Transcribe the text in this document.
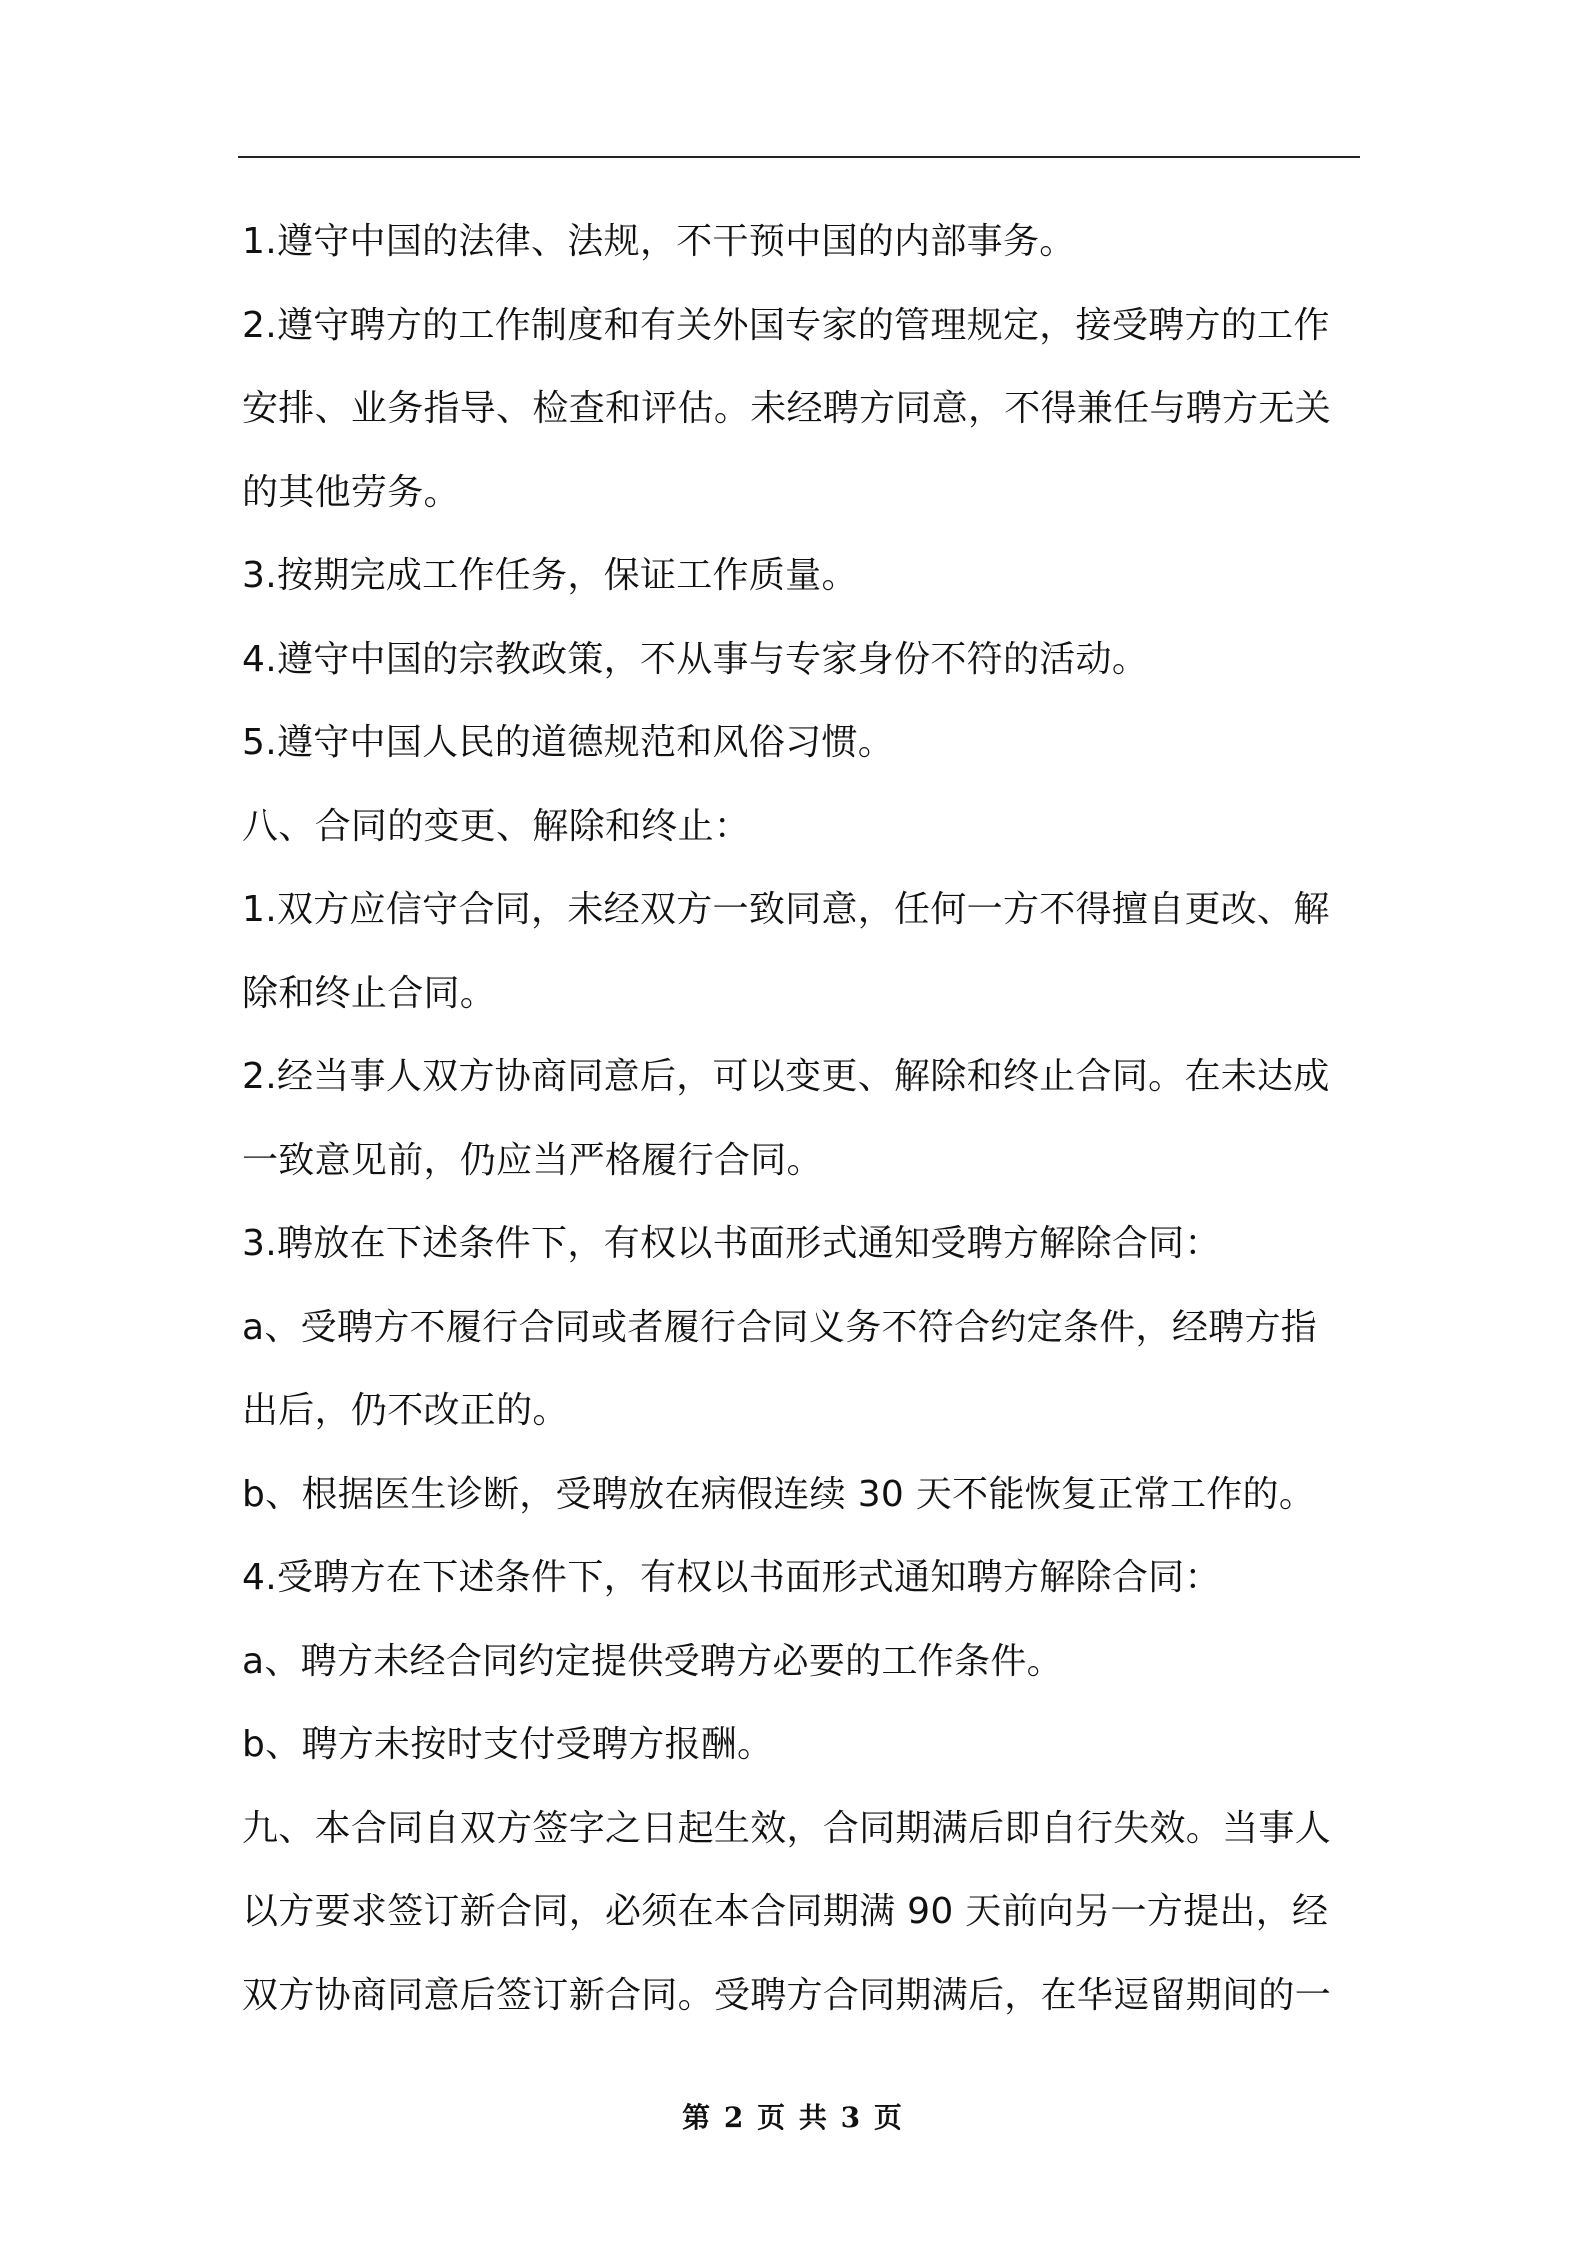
1.遵守中国的法律、法规，不干预中国的内部事务。

2.遵守聘方的工作制度和有关外国专家的管理规定，接受聘方的工作

安排、业务指导、检查和评估。未经聘方同意，不得兼任与聘方无关

的其他劳务。

3.按期完成工作任务，保证工作质量。

4.遵守中国的宗教政策，不从事与专家身份不符的活动。

5.遵守中国人民的道德规范和风俗习惯。

八、合同的变更、解除和终止：

1.双方应信守合同，未经双方一致同意，任何一方不得擅自更改、解

除和终止合同。

2.经当事人双方协商同意后，可以变更、解除和终止合同。在未达成

一致意见前，仍应当严格履行合同。

3.聘放在下述条件下，有权以书面形式通知受聘方解除合同：

a、受聘方不履行合同或者履行合同义务不符合约定条件，经聘方指

出后，仍不改正的。

b、根据医生诊断，受聘放在病假连续 30 天不能恢复正常工作的。

4.受聘方在下述条件下，有权以书面形式通知聘方解除合同：

a、聘方未经合同约定提供受聘方必要的工作条件。

b、聘方未按时支付受聘方报酬。

九、本合同自双方签字之日起生效，合同期满后即自行失效。当事人

以方要求签订新合同，必须在本合同期满 90 天前向另一方提出，经

双方协商同意后签订新合同。受聘方合同期满后，在华逗留期间的一

第 2 页 共 3 页
